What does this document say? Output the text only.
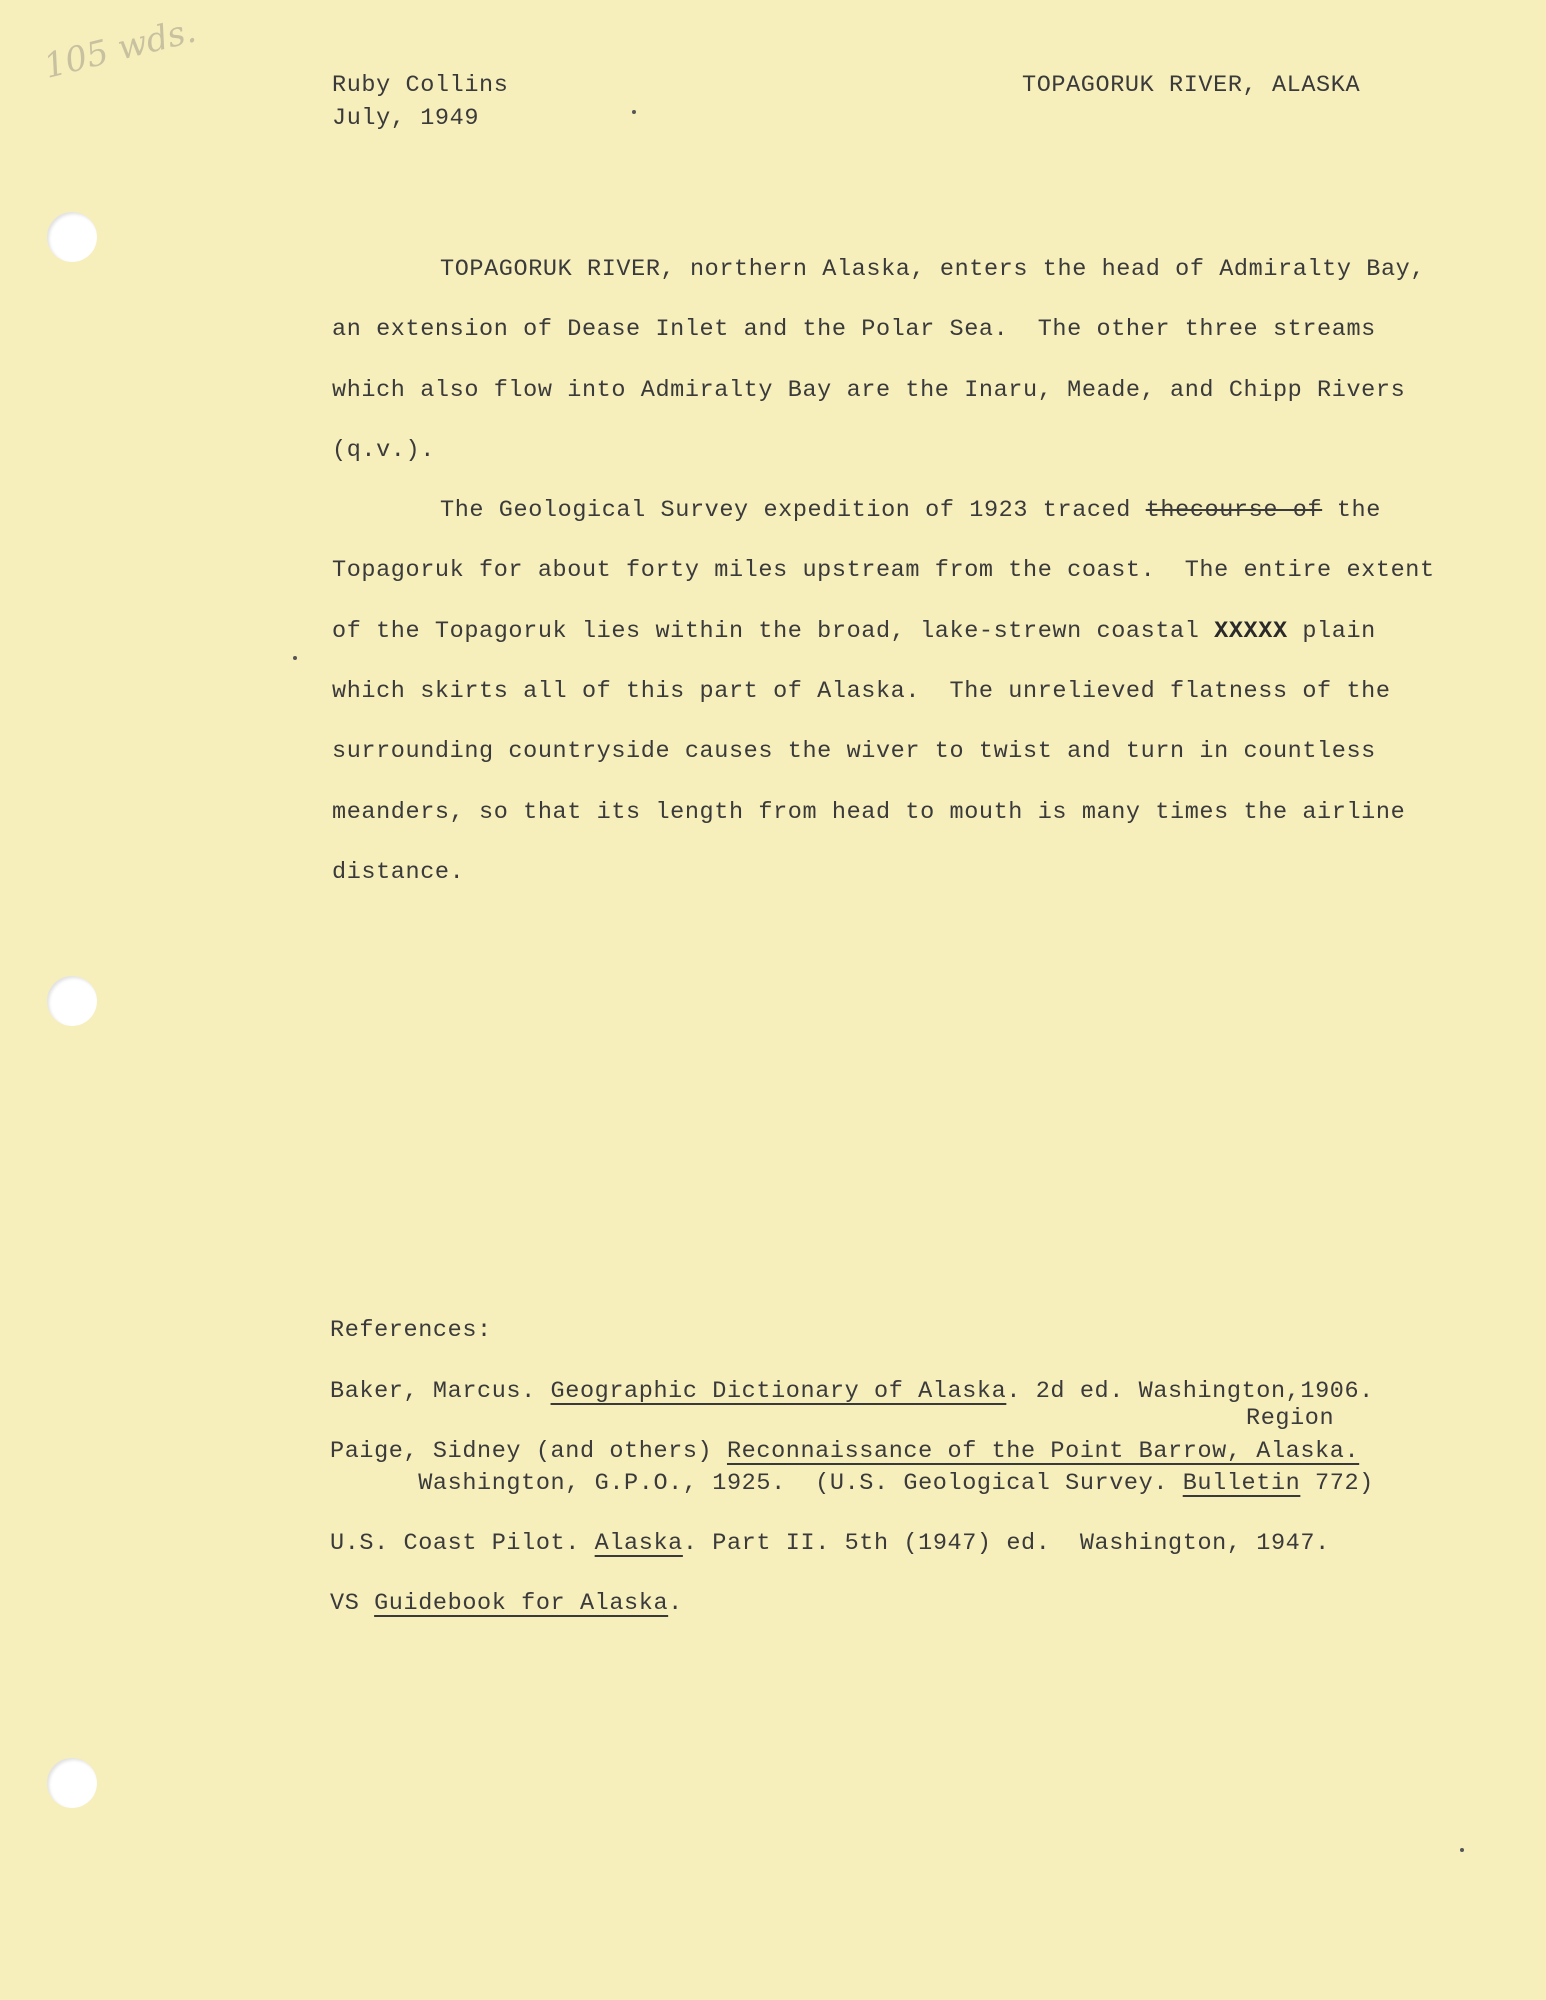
105 wds.	Ruby Collins
July, 1949
TOPAGORUK RIVER, ALASKA
TOPAGORUK RIVER, northern Alaska, enters the head of Admiralty Bay,
an extension of Dease Inlet and the Polar Sea.  The other three streams
which also flow into Admiralty Bay are the Inaru, Meade, and Chipp Rivers
(q.v.).
The Geological Survey expedition of 1923 traced thecourse of the
Topagoruk for about forty miles upstream from the coast.  The entire extent
of the Topagoruk lies within the broad, lake-strewn coastal XXXXX plain
which skirts all of this part of Alaska.  The unrelieved flatness of the
surrounding countryside causes the wiver to twist and turn in countless
meanders, so that its length from head to mouth is many times the airline
distance.
References:
Baker, Marcus. Geographic Dictionary of Alaska. 2d ed. Washington,1906.
Region
Paige, Sidney (and others) Reconnaissance of the Point Barrow, Alaska.
Washington, G.P.O., 1925.  (U.S. Geological Survey. Bulletin 772)
U.S. Coast Pilot. Alaska. Part II. 5th (1947) ed.  Washington, 1947.
VS Guidebook for Alaska.
